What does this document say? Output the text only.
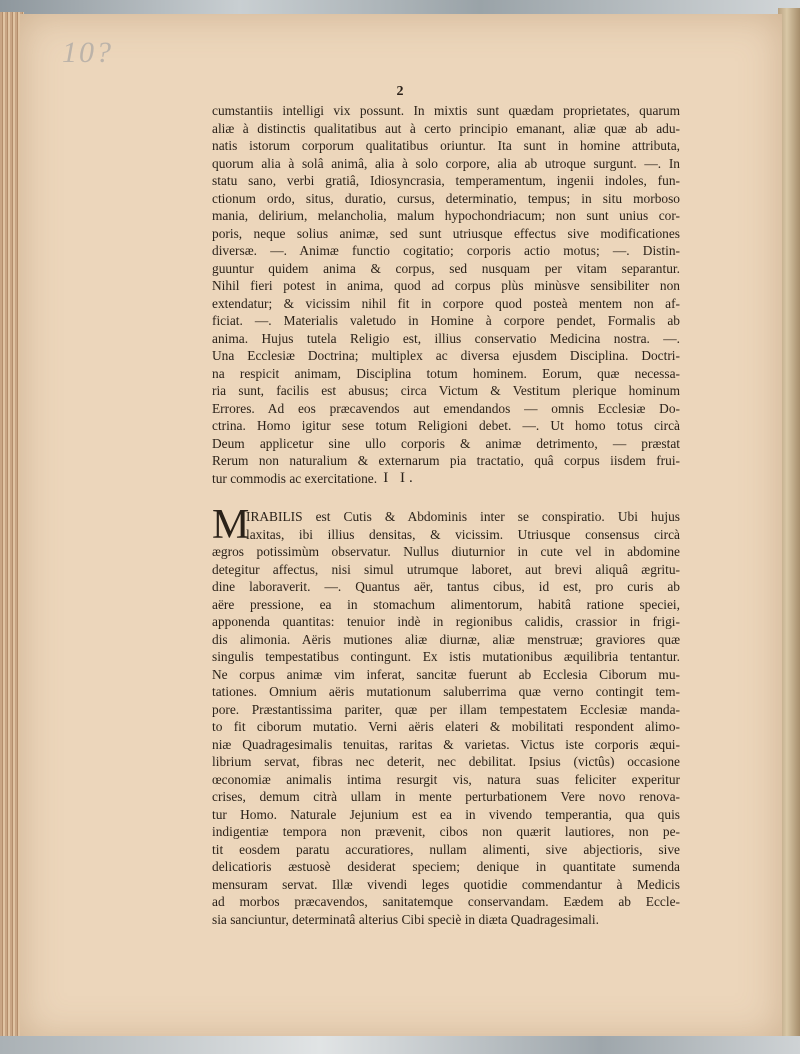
10?
2
cumstantiis intelligi vix possunt. In mixtis sunt quædam proprietates, quarum
aliæ à distinctis qualitatibus aut à certo principio emanant, aliæ quæ ab adu-
natis istorum corporum qualitatibus oriuntur. Ita sunt in homine attributa,
quorum alia à solâ animâ, alia à solo corpore, alia ab utroque surgunt. —. In
statu sano, verbi gratiâ, Idiosyncrasia, temperamentum, ingenii indoles, fun-
ctionum ordo, situs, duratio, cursus, determinatio, tempus; in situ morboso
mania, delirium, melancholia, malum hypochondriacum; non sunt unius cor-
poris, neque solius animæ, sed sunt utriusque effectus sive modificationes
diversæ. —. Animæ functio cogitatio; corporis actio motus; —. Distin-
guuntur quidem anima & corpus, sed nusquam per vitam separantur.
Nihil fieri potest in anima, quod ad corpus plùs minùsve sensibiliter non
extendatur; & vicissim nihil fit in corpore quod posteà mentem non af-
ficiat. —. Materialis valetudo in Homine à corpore pendet, Formalis ab
anima. Hujus tutela Religio est, illius conservatio Medicina nostra. —.
Una Ecclesiæ Doctrina; multiplex ac diversa ejusdem Disciplina. Doctri-
na respicit animam, Disciplina totum hominem. Eorum, quæ necessa-
ria sunt, facilis est abusus; circa Victum & Vestitum plerique hominum
Errores. Ad eos præcavendos aut emendandos — omnis Ecclesiæ Do-
ctrina. Homo igitur sese totum Religioni debet. —. Ut homo totus circà
Deum applicetur sine ullo corporis & animæ detrimento, — præstat
Rerum non naturalium & externarum pia tractatio, quâ corpus iisdem frui-
tur commodis ac exercitatione. I I.
M
IRABILIS est Cutis & Abdominis inter se conspiratio. Ubi hujus
laxitas, ibi illius densitas, & vicissim. Utriusque consensus circà
ægros potissimùm observatur. Nullus diuturnior in cute vel in abdomine
detegitur affectus, nisi simul utrumque laboret, aut brevi aliquâ ægritu-
dine laboraverit. —. Quantus aër, tantus cibus, id est, pro curis ab
aëre pressione, ea in stomachum alimentorum, habitâ ratione speciei,
apponenda quantitas: tenuior indè in regionibus calidis, crassior in frigi-
dis alimonia. Aëris mutiones aliæ diurnæ, aliæ menstruæ; graviores quæ
singulis tempestatibus contingunt. Ex istis mutationibus æquilibria tentantur.
Ne corpus animæ vim inferat, sancitæ fuerunt ab Ecclesia Ciborum mu-
tationes. Omnium aëris mutationum saluberrima quæ verno contingit tem-
pore. Præstantissima pariter, quæ per illam tempestatem Ecclesiæ manda-
to fit ciborum mutatio. Verni aëris elateri & mobilitati respondent alimo-
niæ Quadragesimalis tenuitas, raritas & varietas. Victus iste corporis æqui-
librium servat, fibras nec deterit, nec debilitat. Ipsius (victûs) occasione
œconomiæ animalis intima resurgit vis, natura suas feliciter experitur
crises, demum citrà ullam in mente perturbationem Vere novo renova-
tur Homo. Naturale Jejunium est ea in vivendo temperantia, qua quis
indigentiæ tempora non prævenit, cibos non quærit lautiores, non pe-
tit eosdem paratu accuratiores, nullam alimenti, sive abjectioris, sive
delicatioris æstuosè desiderat speciem; denique in quantitate sumenda
mensuram servat. Illæ vivendi leges quotidie commendantur à Medicis
ad morbos præcavendos, sanitatemque conservandam. Eædem ab Eccle-
sia sanciuntur, determinatâ alterius Cibi speciè in diæta Quadragesimali.
